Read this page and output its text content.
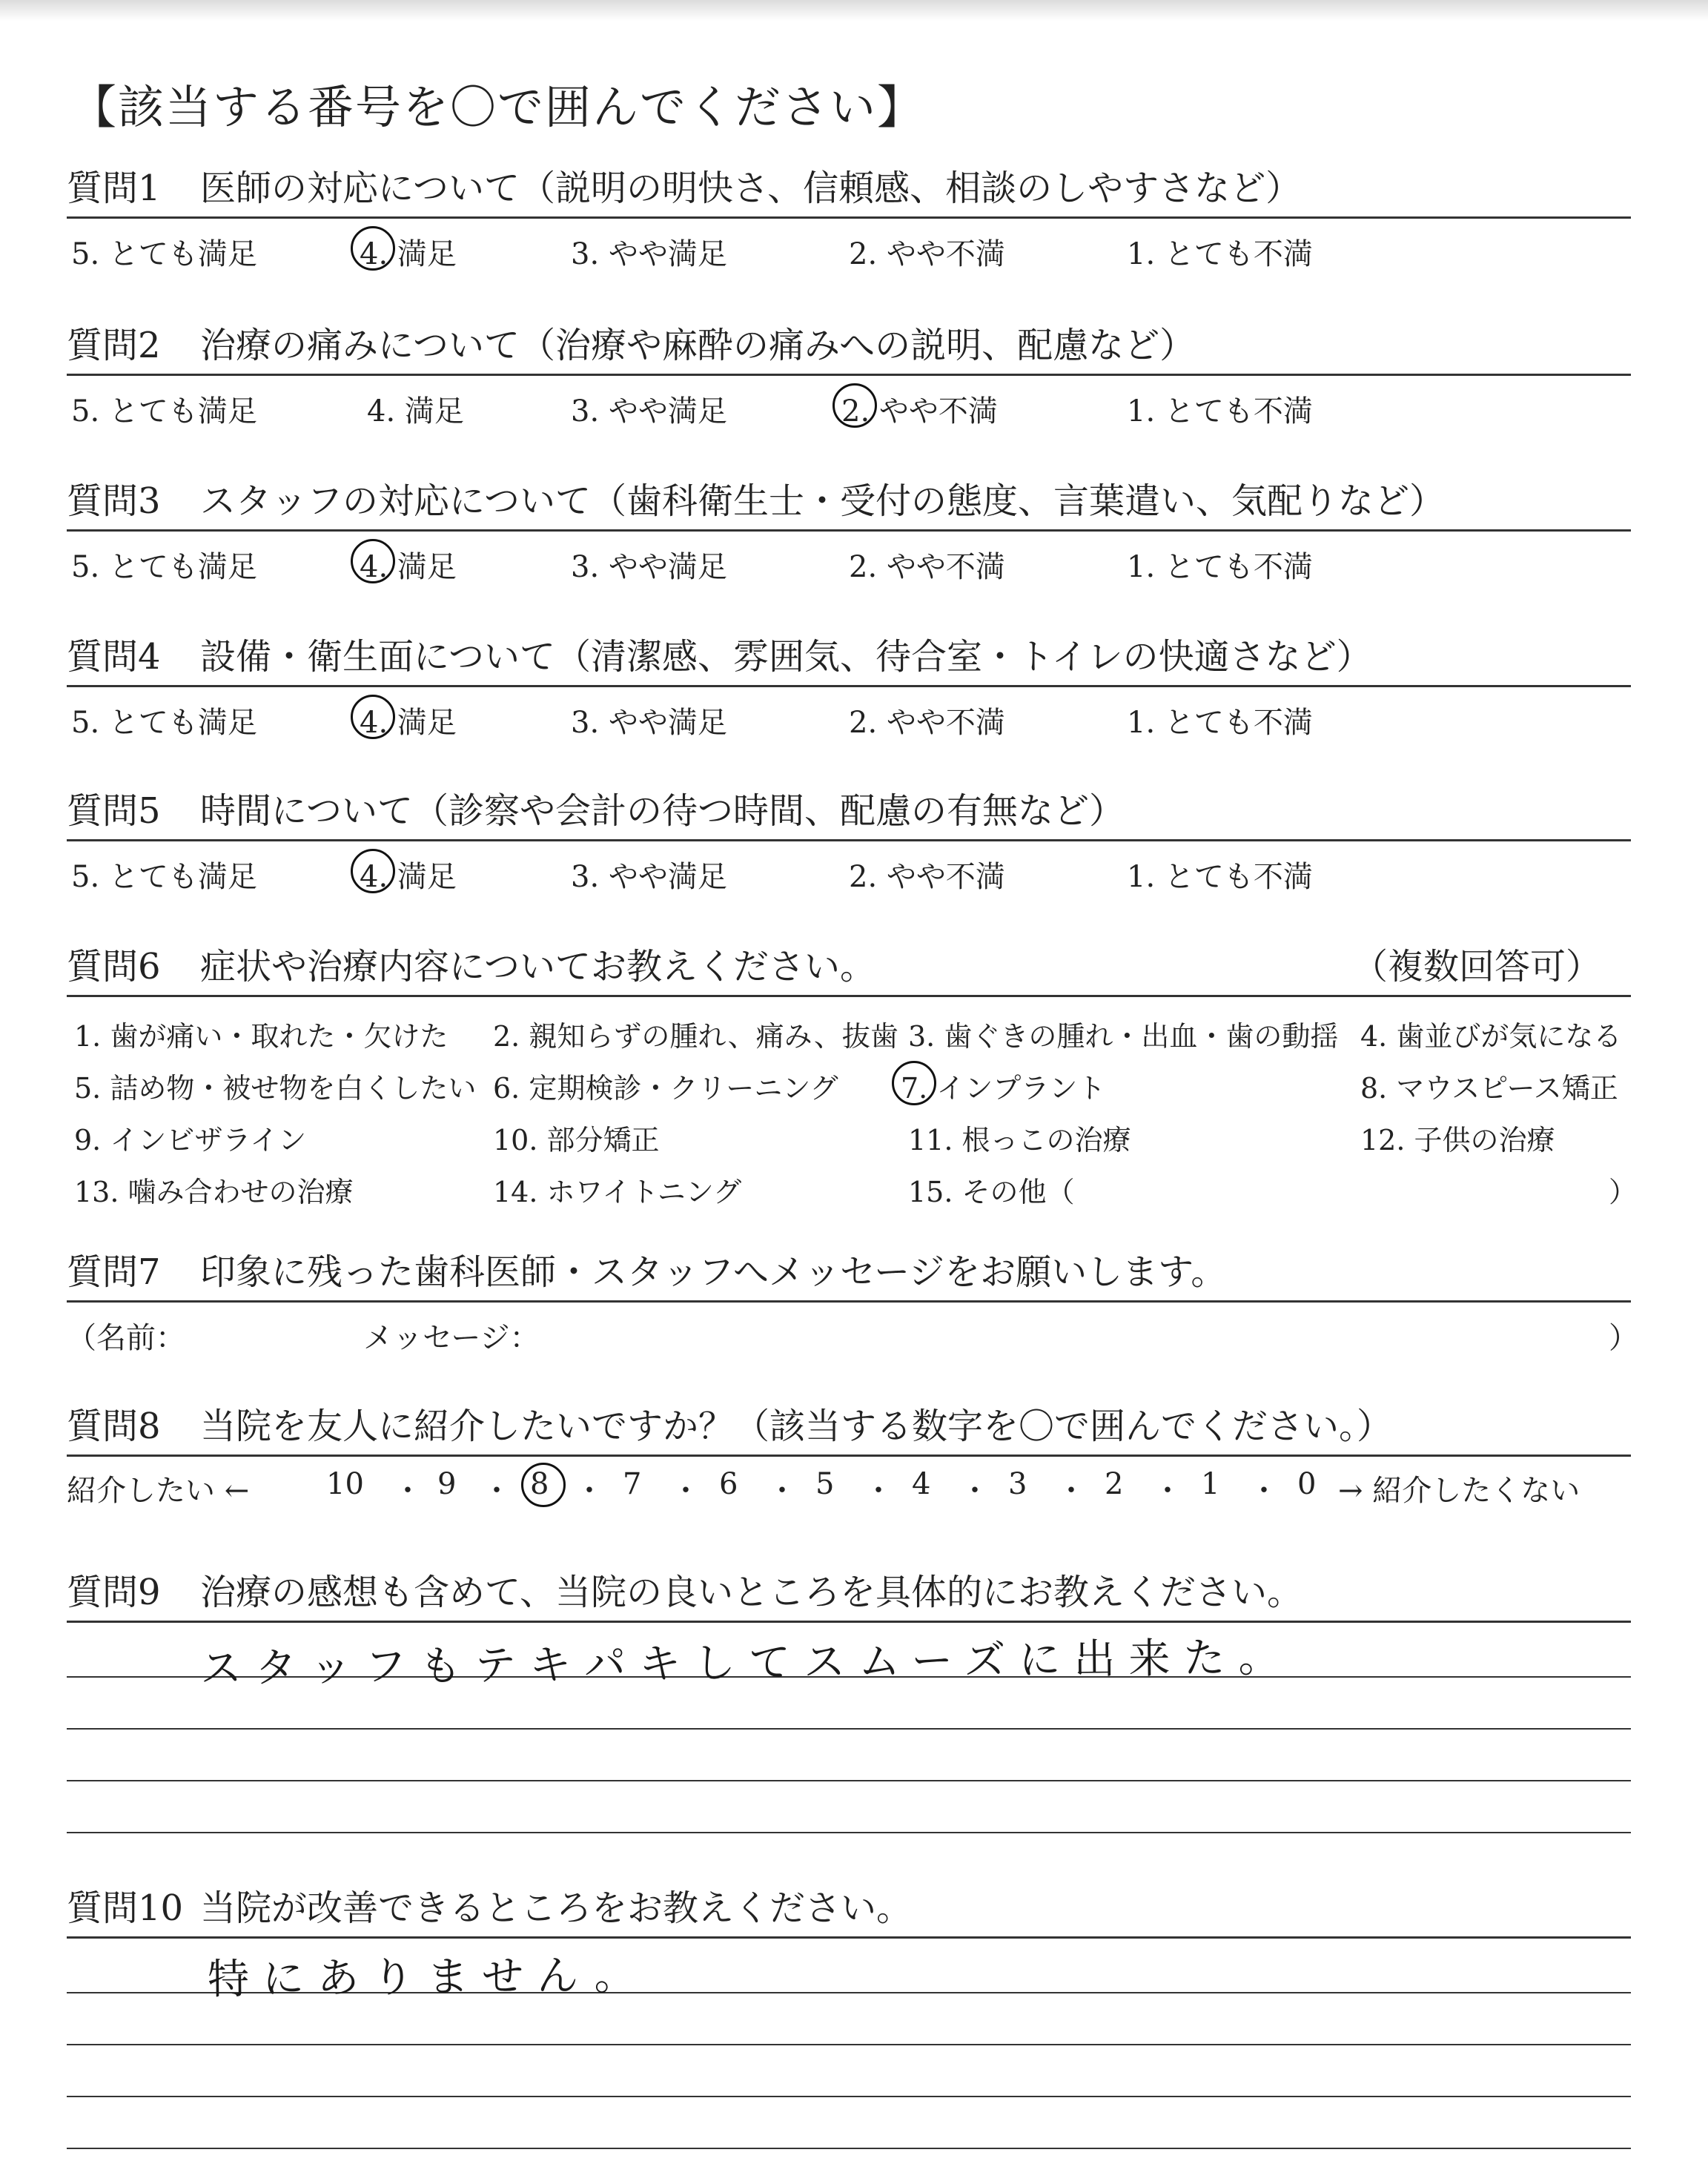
【該当する番号を〇で囲んでください】
質問1 医師の対応について（説明の明快さ、信頼感、相談のしやすさなど）
5. とても満足	4. 満足	3. やや満足	2. やや不満	1. とても不満
質問2 治療の痛みについて（治療や麻酔の痛みへの説明、配慮など）
5. とても満足	4. 満足	3. やや満足	2. やや不満	1. とても不満
質問3 スタッフの対応について（歯科衛生士・受付の態度、言葉遣い、気配りなど）
5. とても満足	4. 満足	3. やや満足	2. やや不満	1. とても不満
質問4 設備・衛生面について（清潔感、雰囲気、待合室・トイレの快適さなど）
5. とても満足	4. 満足	3. やや満足	2. やや不満	1. とても不満
質問5 時間について（診察や会計の待つ時間、配慮の有無など）
5. とても満足	4. 満足	3. やや満足	2. やや不満	1. とても不満
質問6 症状や治療内容についてお教えください。	（複数回答可）
1. 歯が痛い・取れた・欠けた 2. 親知らずの腫れ、痛み、抜歯 3. 歯ぐきの腫れ・出血・歯の動揺 4. 歯並びが気になる
5. 詰め物・被せ物を白くしたい 6. 定期検診・クリーニング 7. インプラント	8. マウスピース矯正
9. インビザライン	10. 部分矯正	11. 根っこの治療	12. 子供の治療
13. 噛み合わせの治療	14. ホワイトニング	15. その他（	）
質問7 印象に残った歯科医師・スタッフへメッセージをお願いします。
（名前：	メッセージ：	）
質問8 当院を友人に紹介したいですか？（該当する数字を〇で囲んでください。）
紹介したい ←	10 ・ 9 ・ 8 ・ 7 ・ 6 ・ 5 ・ 4 ・ 3 ・ 2 ・ 1 ・ 0 → 紹介したくない
質問9 治療の感想も含めて、当院の良いところを具体的にお教えください。
スタッフもテキパキしてスムーズに出来た。
質問10 当院が改善できるところをお教えください。
特にありません。
